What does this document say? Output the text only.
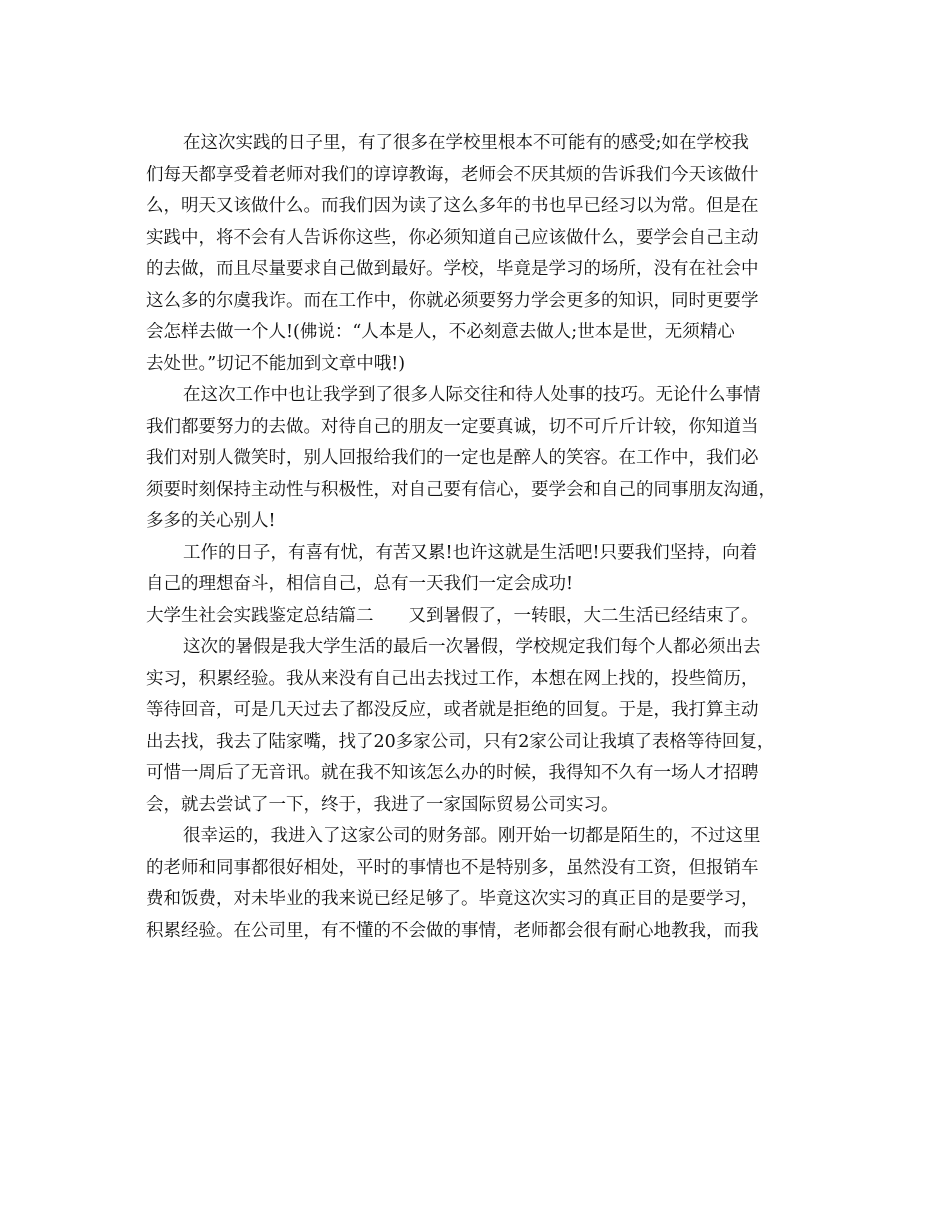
在这次实践的日子里，有了很多在学校里根本不可能有的感受;如在学校我
们每天都享受着老师对我们的谆谆教诲，老师会不厌其烦的告诉我们今天该做什
么，明天又该做什么。而我们因为读了这么多年的书也早已经习以为常。但是在
实践中，将不会有人告诉你这些，你必须知道自己应该做什么，要学会自己主动
的去做，而且尽量要求自己做到最好。学校，毕竟是学习的场所，没有在社会中
这么多的尔虞我诈。而在工作中，你就必须要努力学会更多的知识，同时更要学
会怎样去做一个人!(佛说：“人本是人，不必刻意去做人;世本是世，无须精心
去处世。”切记不能加到文章中哦!)
在这次工作中也让我学到了很多人际交往和待人处事的技巧。无论什么事情
我们都要努力的去做。对待自己的朋友一定要真诚，切不可斤斤计较，你知道当
我们对别人微笑时，别人回报给我们的一定也是醉人的笑容。在工作中，我们必
须要时刻保持主动性与积极性，对自己要有信心，要学会和自己的同事朋友沟通，
多多的关心别人!
工作的日子，有喜有忧，有苦又累!也许这就是生活吧!只要我们坚持，向着
自己的理想奋斗，相信自己，总有一天我们一定会成功!
大学生社会实践鉴定总结篇二　　又到暑假了，一转眼，大二生活已经结束了。
这次的暑假是我大学生活的最后一次暑假，学校规定我们每个人都必须出去
实习，积累经验。我从来没有自己出去找过工作，本想在网上找的，投些简历，
等待回音，可是几天过去了都没反应，或者就是拒绝的回复。于是，我打算主动
出去找，我去了陆家嘴，找了20多家公司，只有2家公司让我填了表格等待回复，
可惜一周后了无音讯。就在我不知该怎么办的时候，我得知不久有一场人才招聘
会，就去尝试了一下，终于，我进了一家国际贸易公司实习。
很幸运的，我进入了这家公司的财务部。刚开始一切都是陌生的，不过这里
的老师和同事都很好相处，平时的事情也不是特别多，虽然没有工资，但报销车
费和饭费，对未毕业的我来说已经足够了。毕竟这次实习的真正目的是要学习，
积累经验。在公司里，有不懂的不会做的事情，老师都会很有耐心地教我，而我
